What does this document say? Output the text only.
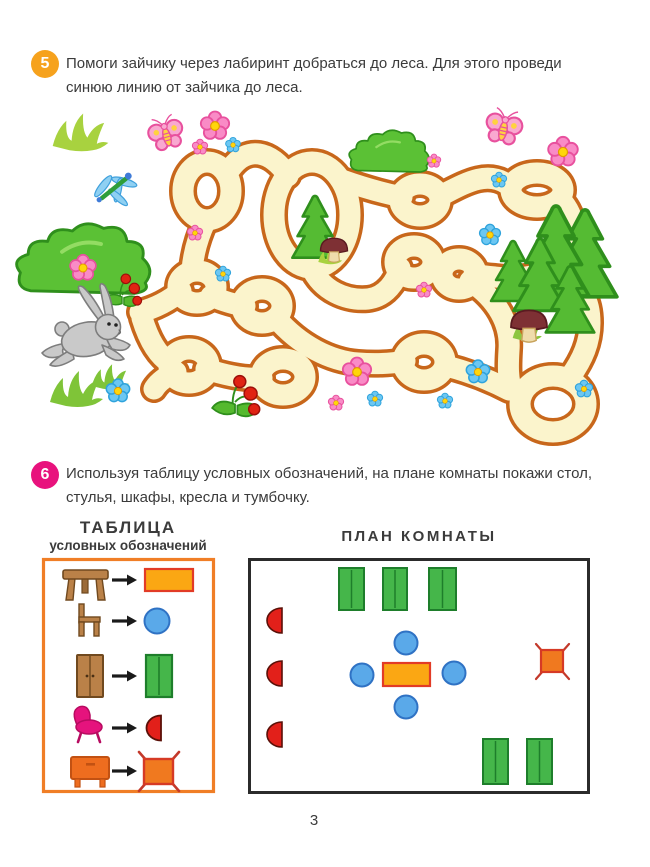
5	Помоги зайчику через лабиринт добраться до леса. Для этого проведи
синюю линию от зайчика до леса.
6	Используя таблицу условных обозначений, на плане комнаты покажи стол,
стулья, шкафы, кресла и тумбочку.
ТАБЛИЦА
условных обозначений
ПЛАН КОМНАТЫ
3
